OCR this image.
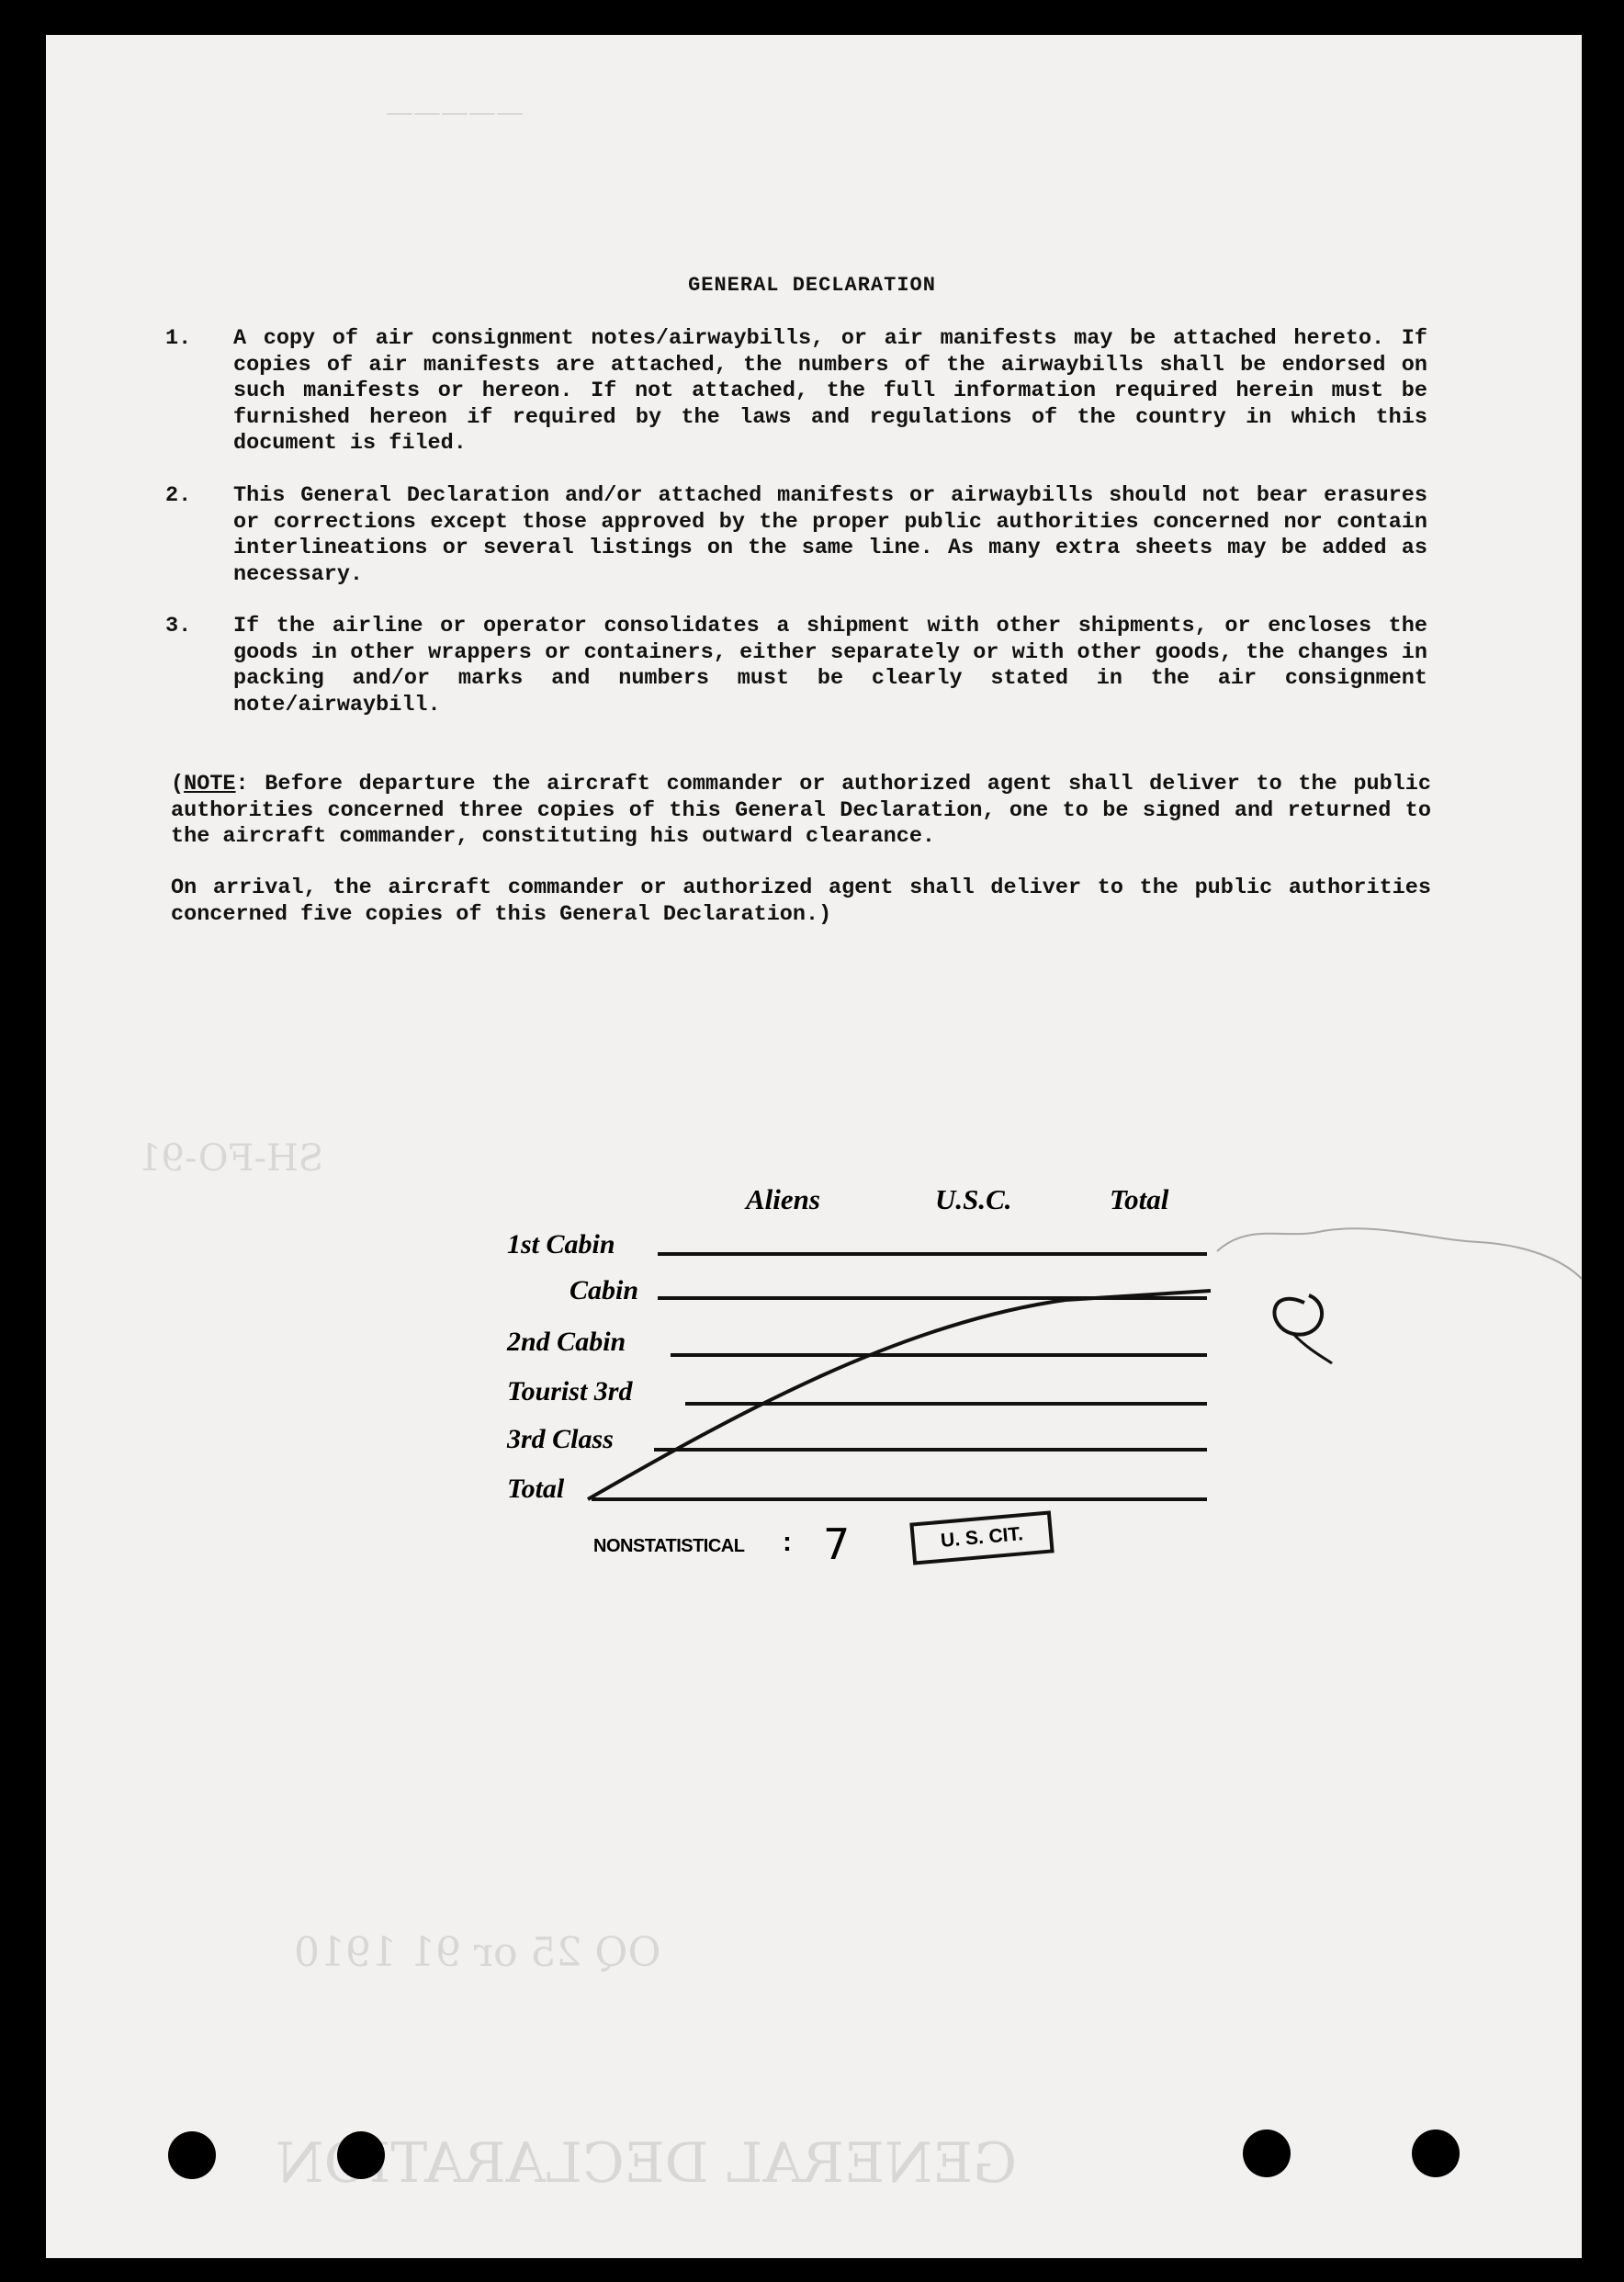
GENERAL DECLARATION
1.	A copy of air consignment notes/airwaybills, or air manifests may be attached hereto. If copies of air manifests are attached, the numbers of the airwaybills shall be endorsed on such manifests or hereon. If not attached, the full information required herein must be furnished hereon if required by the laws and regulations of the country in which this document is filed.
2.	This General Declaration and/or attached manifests or airwaybills should not bear erasures or corrections except those approved by the proper public authorities concerned nor contain interlineations or several listings on the same line. As many extra sheets may be added as necessary.
3.	If the airline or operator consolidates a shipment with other shipments, or encloses the goods in other wrappers or containers, either separately or with other goods, the changes in packing and/or marks and numbers must be clearly stated in the air consignment note/airwaybill.
(NOTE: Before departure the aircraft commander or authorized agent shall deliver to the public authorities concerned three copies of this General Declaration, one to be signed and returned to the aircraft commander, constituting his outward clearance.
On arrival, the aircraft commander or authorized agent shall deliver to the public authorities concerned five copies of this General Declaration.)
Aliens	U.S.C.	Total
1st Cabin
Cabin
2nd Cabin
Tourist 3rd
3rd Class
Total
NONSTATISTICAL : 7	U. S. CIT.
